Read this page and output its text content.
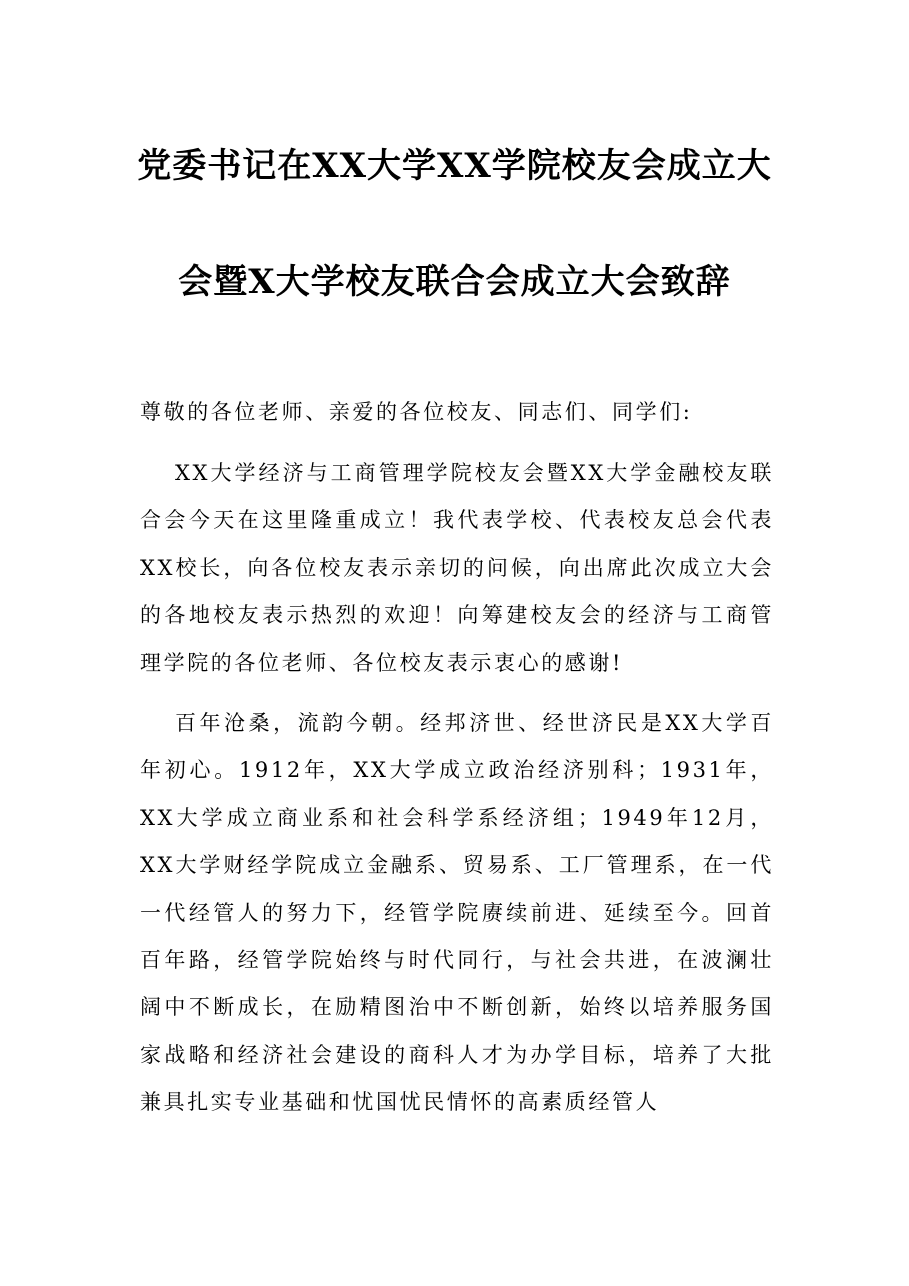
党委书记在XX大学XX学院校友会成立大
会暨X大学校友联合会成立大会致辞
尊敬的各位老师、亲爱的各位校友、同志们、同学们:
XX大学经济与工商管理学院校友会暨XX大学金融校友联合会今天在这里隆重成立！我代表学校、代表校友总会代表XX校长，向各位校友表示亲切的问候，向出席此次成立大会的各地校友表示热烈的欢迎！向筹建校友会的经济与工商管理学院的各位老师、各位校友表示衷心的感谢!
百年沧桑，流韵今朝。经邦济世、经世济民是XX大学百年初心。1912年，XX大学成立政治经济别科；1931年，XX大学成立商业系和社会科学系经济组；1949年12月，XX大学财经学院成立金融系、贸易系、工厂管理系，在一代一代经管人的努力下，经管学院赓续前进、延续至今。回首百年路，经管学院始终与时代同行，与社会共进，在波澜壮阔中不断成长，在励精图治中不断创新，始终以培养服务国家战略和经济社会建设的商科人才为办学目标，培养了大批兼具扎实专业基础和忧国忧民情怀的高素质经管人
